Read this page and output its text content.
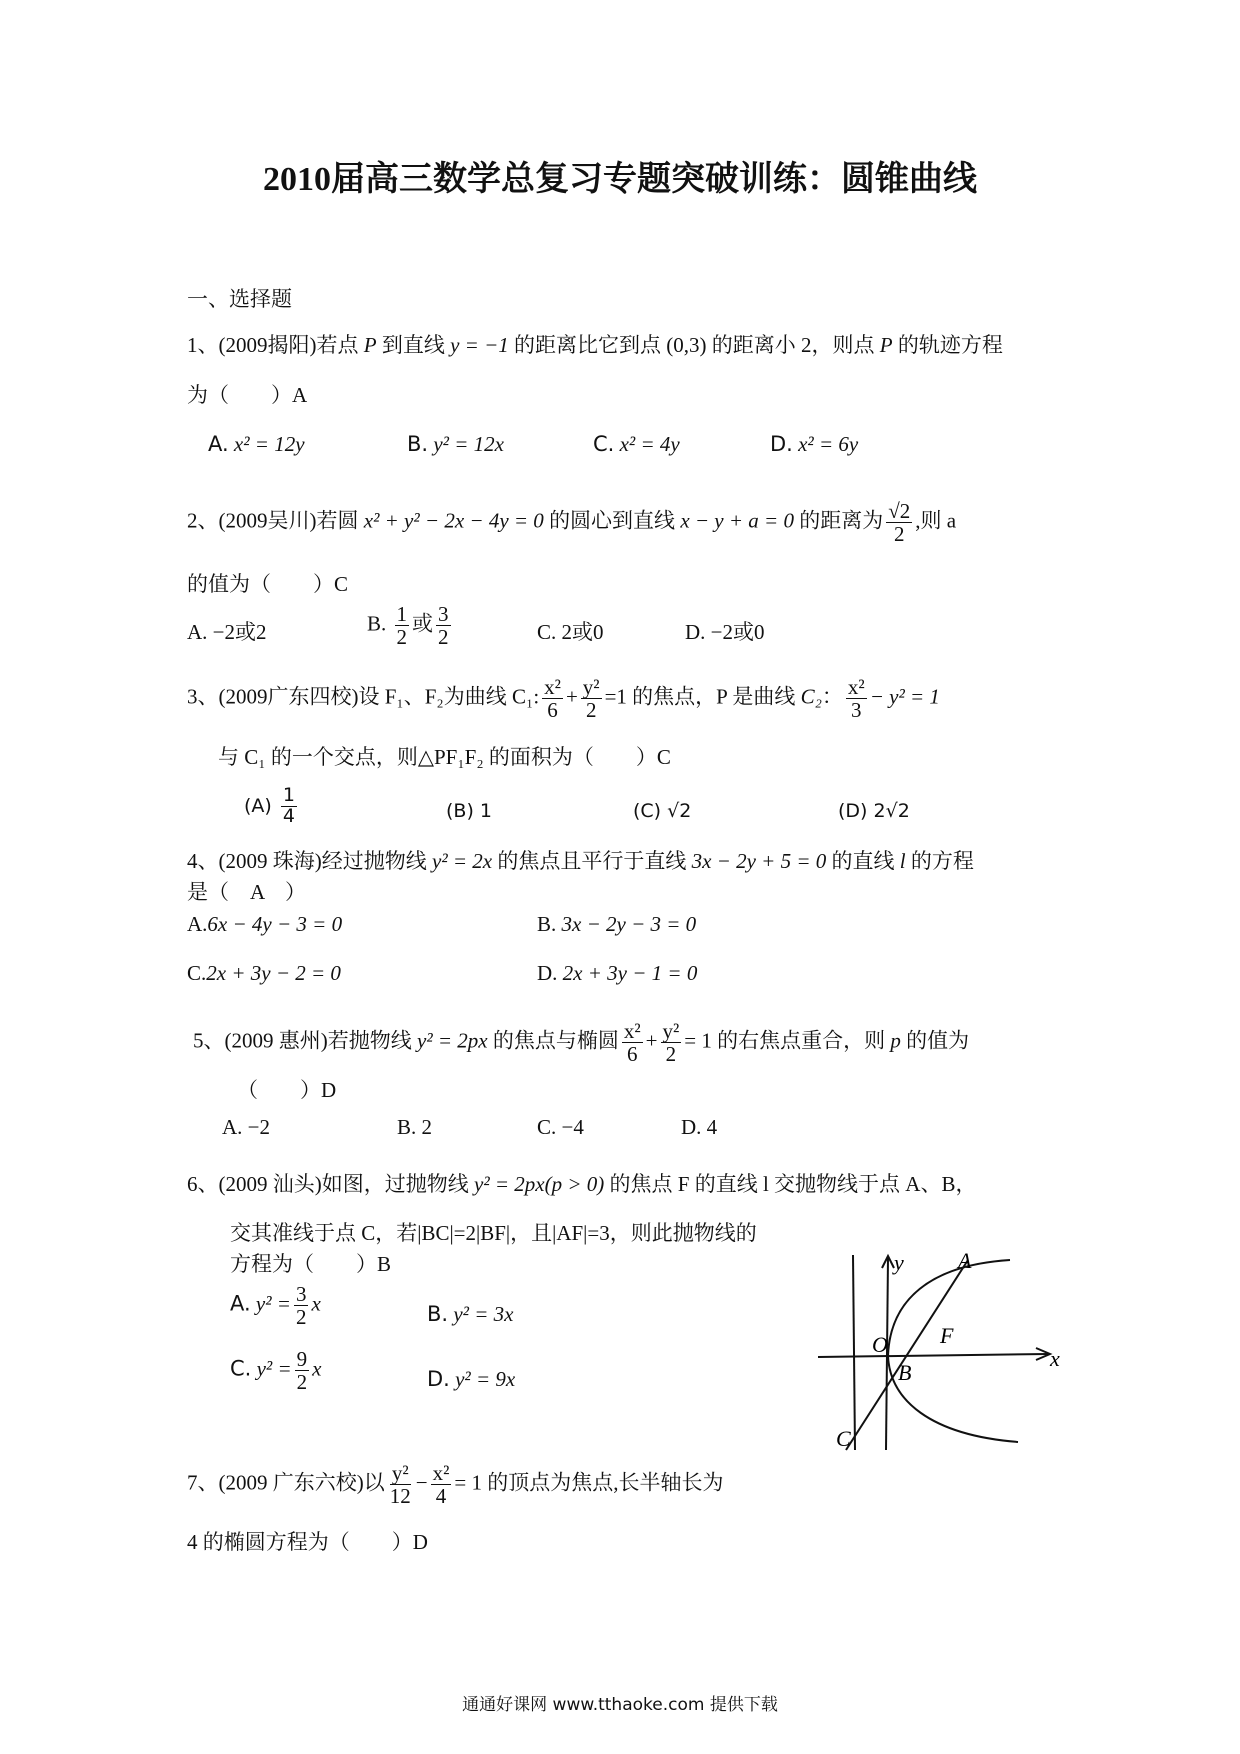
2010届高三数学总复习专题突破训练：圆锥曲线
一、选择题
1、(2009揭阳)若点 P 到直线 y = −1 的距离比它到点 (0,3) 的距离小 2，则点 P 的轨迹方程
为（　　）A
A. x² = 12y	B. y² = 12x	C. x² = 4y	D. x² = 6y
2、(2009吴川)若圆 x² + y² − 2x − 4y = 0 的圆心到直线 x − y + a = 0 的距离为 $\frac{√2}{2}$ ,则 a
的值为（　　）C
A. −2或2	B. $\frac{1}{2}$ 或 $\frac{3}{2}$	C. 2或0	D. −2或0
3、(2009广东四校)设 F₁、F₂为曲线 C₁: $\frac{\text{x²}}{6} + \frac{\text{y²}}{2} =1$ 的焦点，P 是曲线 C₂： $\frac{\text{x²}}{3} - y^2 = 1$
与 C₁ 的一个交点，则△PF₁F₂ 的面积为（　　）C
$(A) \frac{1}{4}$	(B) 1	(C) √2	(D) 2√2
4、(2009 珠海)经过抛物线 y² = 2x 的焦点且平行于直线 3x − 2y + 5 = 0 的直线 l 的方程
是（　A　）
A.6x − 4y − 3 = 0	B. 3x − 2y − 3 = 0
C.2x + 3y − 2 = 0	D. 2x + 3y − 1 = 0
5、(2009 惠州)若抛物线 y² = 2px 的焦点与椭圆 $\frac{\text{x²}}{6} + \frac{\text{y²}}{2} = 1$ 的右焦点重合，则 p 的值为
（　　）D
A. −2	B. 2	C. −4	D. 4
6、(2009 汕头)如图，过抛物线 y² = 2px(p > 0) 的焦点 F 的直线 l 交抛物线于点 A、B，
交其准线于点 C，若|BC|=2|BF|，且|AF|=3，则此抛物线的
方程为（　　）B
A. $y^2 = \frac{3}{2}$ x	B. y² = 3x
C. $y^2 = \frac{9}{2}$ x	D. y² = 9x
y A
F
x
O
B
C
7、(2009 广东六校)以 $\frac{\text{y²}}{12} - \frac{\text{x²}}{4} = 1$ 的顶点为焦点,长半轴长为
4 的椭圆方程为（　　）D
通通好课网 www.tthaoke.com 提供下载
